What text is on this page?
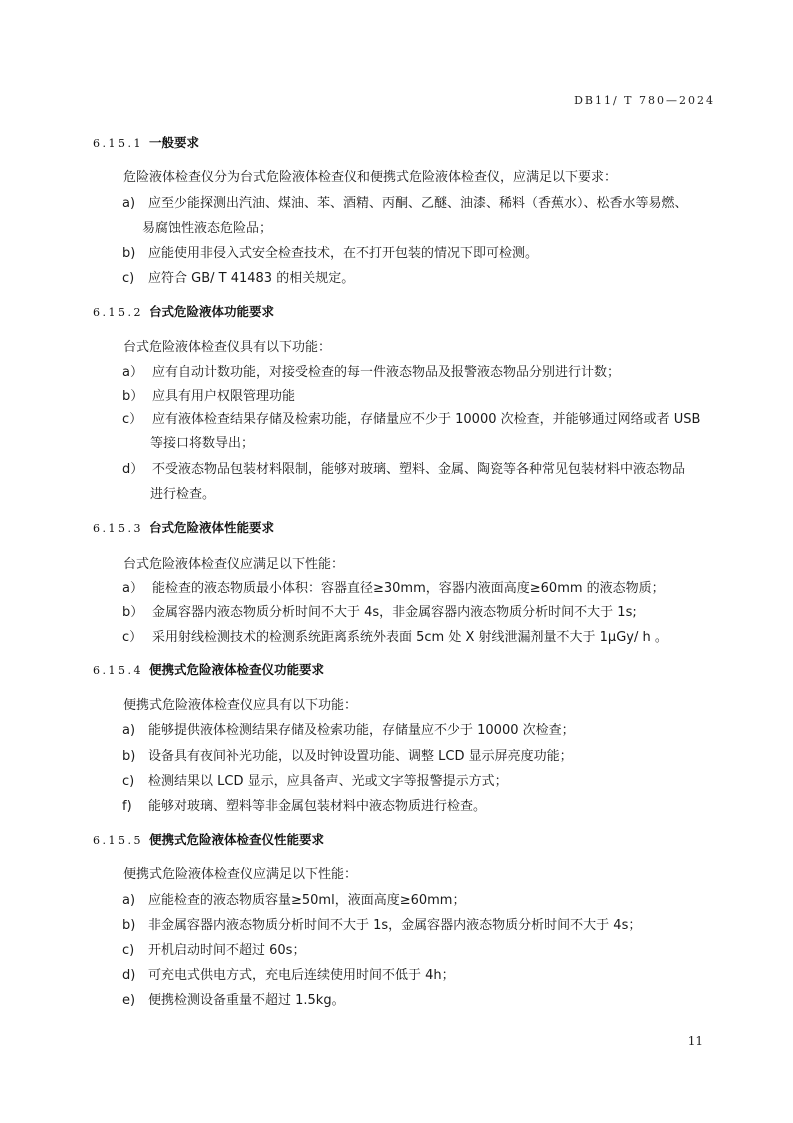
DB11/ T 780—2024
6.15.1 一般要求
危险液体检查仪分为台式危险液体检查仪和便携式危险液体检查仪，应满足以下要求：
a) 应至少能探测出汽油、煤油、苯、酒精、丙酮、乙醚、油漆、稀料（香蕉水）、松香水等易燃、
易腐蚀性液态危险品；
b) 应能使用非侵入式安全检查技术，在不打开包装的情况下即可检测。
c) 应符合 GB/ T 41483 的相关规定。
6.15.2 台式危险液体功能要求
台式危险液体检查仪具有以下功能：
a） 应有自动计数功能，对接受检查的每一件液态物品及报警液态物品分别进行计数；
b） 应具有用户权限管理功能
c） 应有液体检查结果存储及检索功能，存储量应不少于 10000 次检查，并能够通过网络或者 USB
等接口将数导出；
d） 不受液态物品包装材料限制，能够对玻璃、塑料、金属、陶瓷等各种常见包装材料中液态物品
进行检查。
6.15.3 台式危险液体性能要求
台式危险液体检查仪应满足以下性能：
a） 能检查的液态物质最小体积：容器直径≥30mm，容器内液面高度≥60mm 的液态物质；
b） 金属容器内液态物质分析时间不大于 4s，非金属容器内液态物质分析时间不大于 1s;
c） 采用射线检测技术的检测系统距离系统外表面 5cm 处 X 射线泄漏剂量不大于 1μGy/ h 。
6.15.4 便携式危险液体检查仪功能要求
便携式危险液体检查仪应具有以下功能：
a) 能够提供液体检测结果存储及检索功能，存储量应不少于 10000 次检查；
b) 设备具有夜间补光功能，以及时钟设置功能、调整 LCD 显示屏亮度功能；
c) 检测结果以 LCD 显示，应具备声、光或文字等报警提示方式；
f) 能够对玻璃、塑料等非金属包装材料中液态物质进行检查。
6.15.5 便携式危险液体检查仪性能要求
便携式危险液体检查仪应满足以下性能：
a) 应能检查的液态物质容量≥50ml，液面高度≥60mm；
b) 非金属容器内液态物质分析时间不大于 1s，金属容器内液态物质分析时间不大于 4s；
c) 开机启动时间不超过 60s；
d) 可充电式供电方式，充电后连续使用时间不低于 4h；
e) 便携检测设备重量不超过 1.5kg。
11
